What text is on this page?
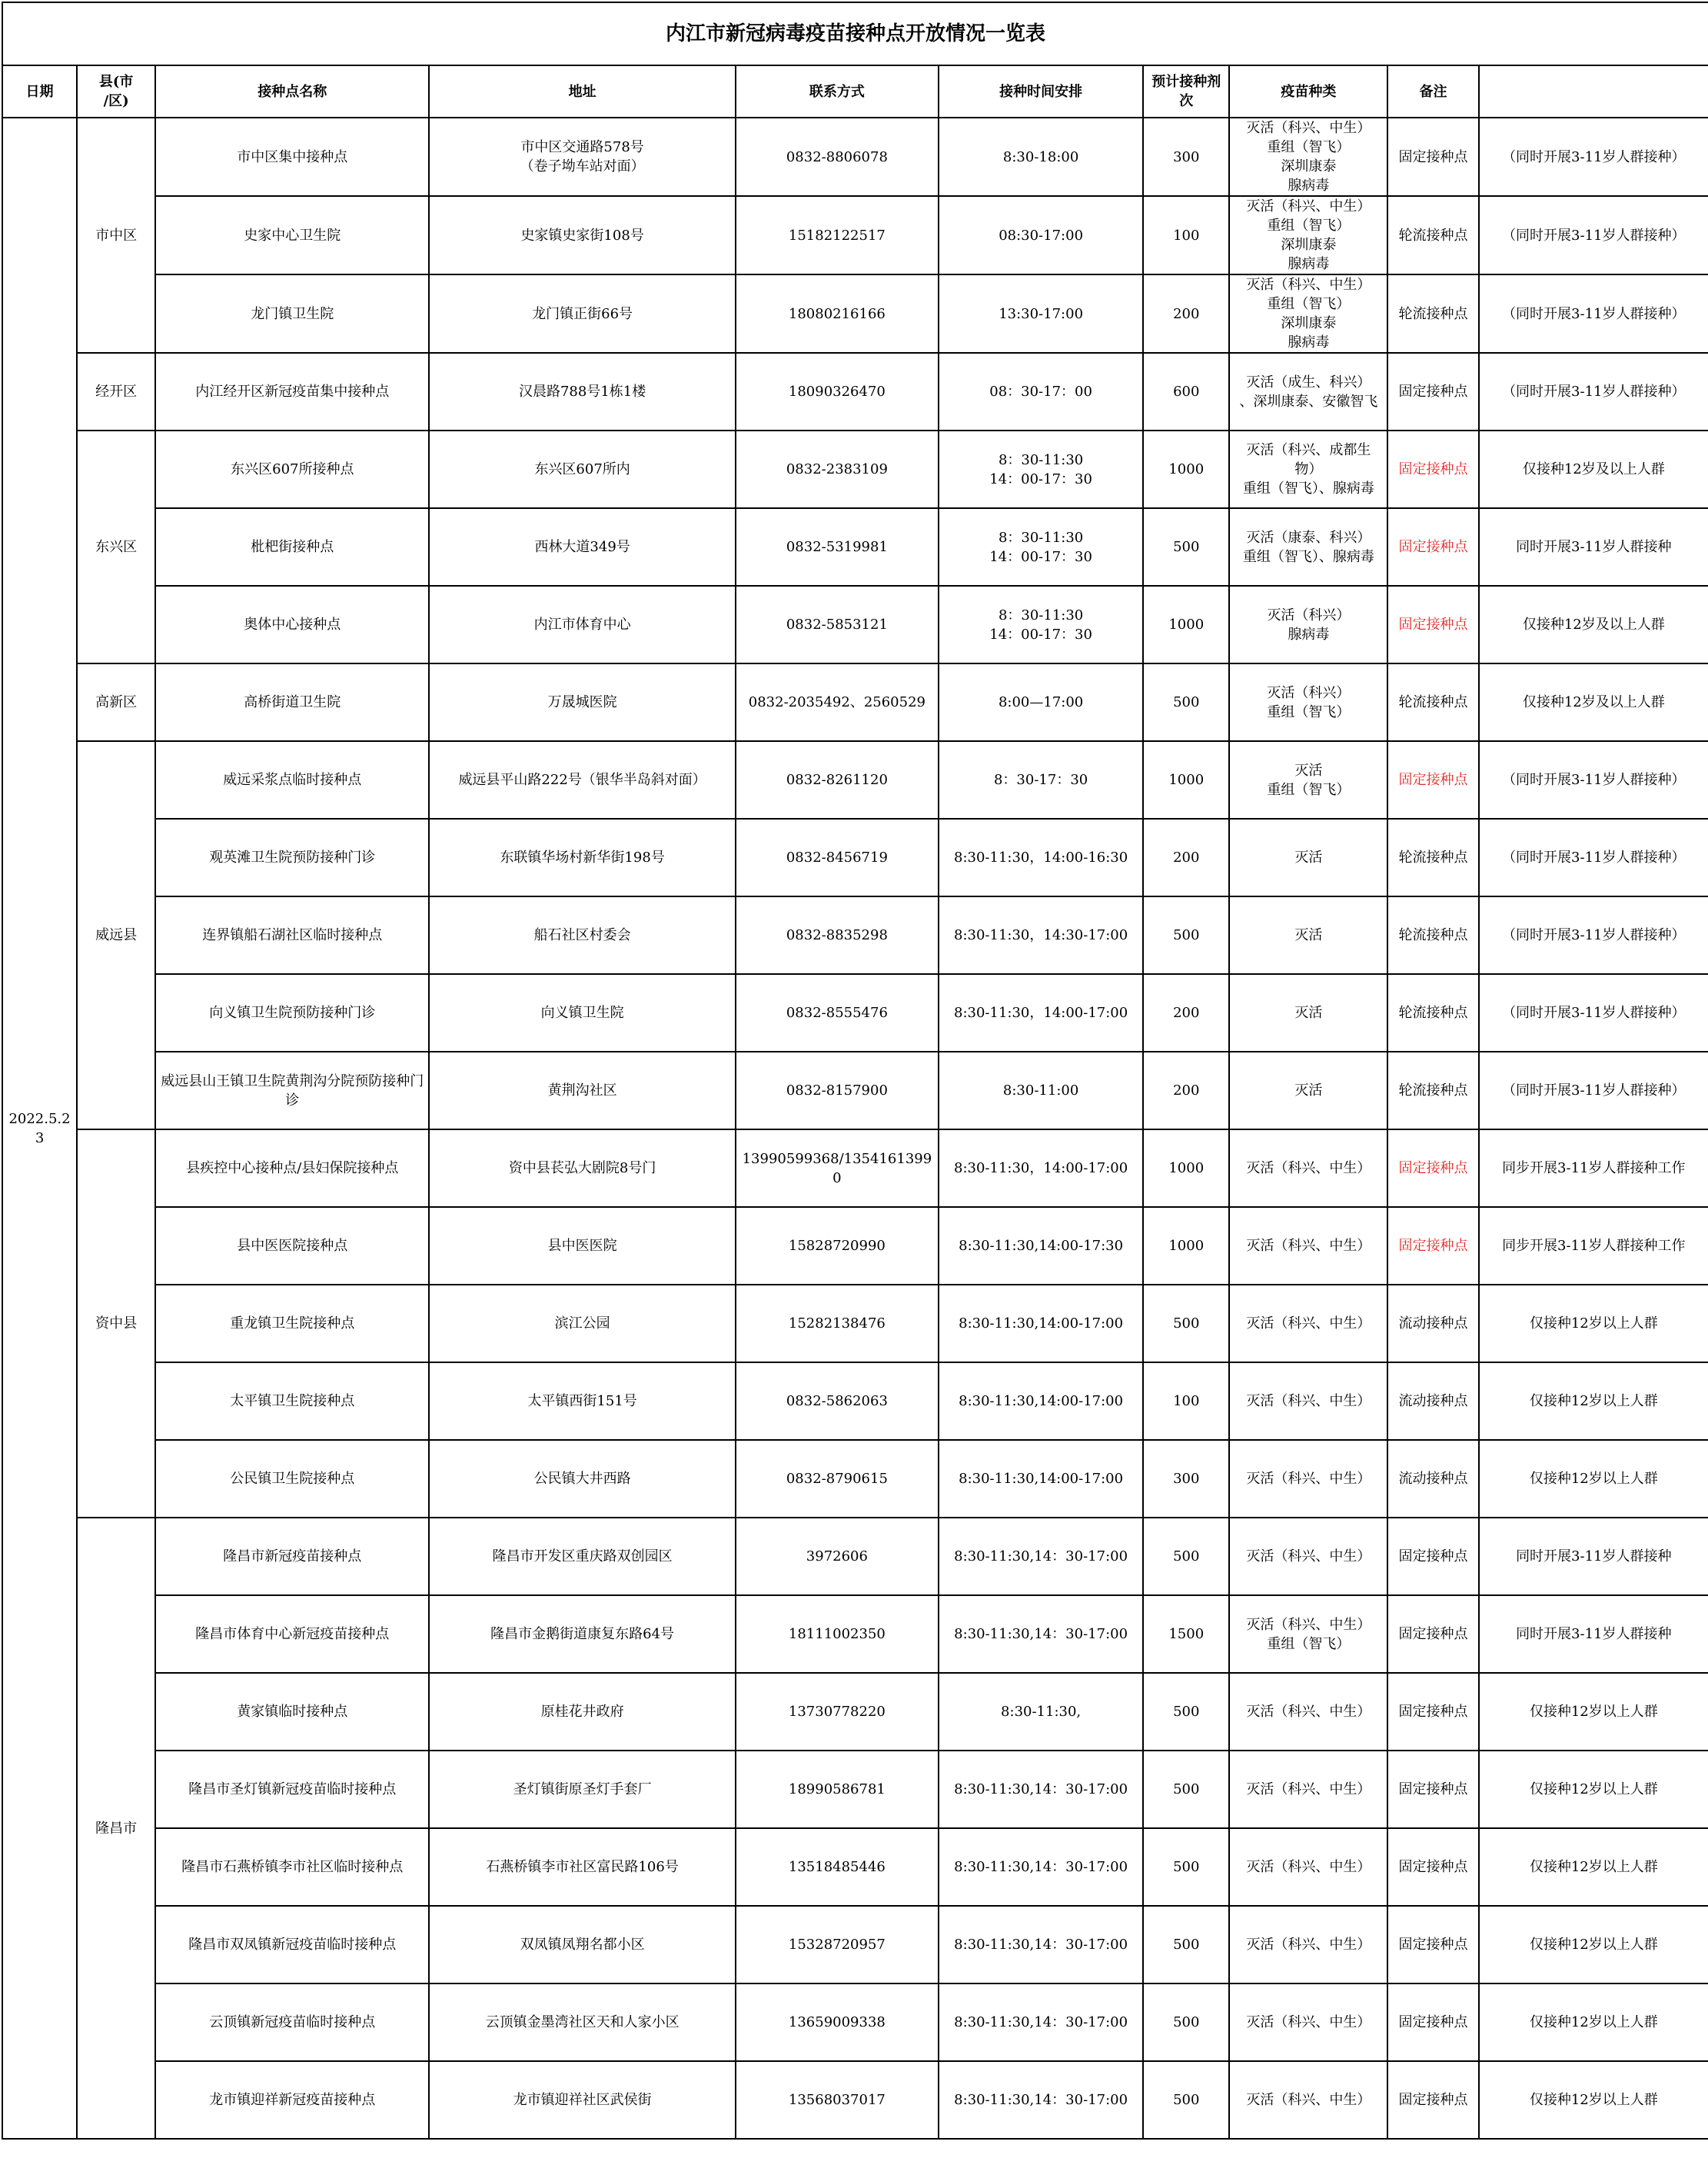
内江市新冠病毒疫苗接种点开放情况一览表									
日期	县(市
/区)	接种点名称	地址	联系方式	接种时间安排	预计接种剂
次	疫苗种类	备注	
2022.5.23	市中区	市中区集中接种点	市中区交通路578号
（卷子坳车站对面）	0832-8806078	8:30-18:00	300	灭活（科兴、中生）
重组（智飞）
深圳康泰
腺病毒	固定接种点	（同时开展3-11岁人群接种）
		史家中心卫生院	史家镇史家街108号	15182122517	08:30-17:00	100	灭活（科兴、中生）
重组（智飞）
深圳康泰
腺病毒	轮流接种点	（同时开展3-11岁人群接种）
		龙门镇卫生院	龙门镇正街66号	18080216166	13:30-17:00	200	灭活（科兴、中生）
重组（智飞）
深圳康泰
腺病毒	轮流接种点	（同时开展3-11岁人群接种）
	经开区	内江经开区新冠疫苗集中接种点	汉晨路788号1栋1楼	18090326470	08：30-17：00	600	灭活（成生、科兴）
、深圳康泰、安徽智飞	固定接种点	（同时开展3-11岁人群接种）
	东兴区	东兴区607所接种点	东兴区607所内	0832-2383109	8：30-11:30
14：00-17：30	1000	灭活（科兴、成都生
物）
重组（智飞）、腺病毒	固定接种点	仅接种12岁及以上人群
		枇杷街接种点	西林大道349号	0832-5319981	8：30-11:30
14：00-17：30	500	灭活（康泰、科兴）
重组（智飞）、腺病毒	固定接种点	同时开展3-11岁人群接种
		奥体中心接种点	内江市体育中心	0832-5853121	8：30-11:30
14：00-17：30	1000	灭活（科兴）
腺病毒	固定接种点	仅接种12岁及以上人群
	高新区	高桥街道卫生院	万晟城医院	0832-2035492、2560529	8:00—17:00	500	灭活（科兴）
重组（智飞）	轮流接种点	仅接种12岁及以上人群
	威远县	威远采浆点临时接种点	威远县平山路222号（银华半岛斜对面）	0832-8261120	8：30-17：30	1000	灭活
重组（智飞）	固定接种点	（同时开展3-11岁人群接种）
		观英滩卫生院预防接种门诊	东联镇华场村新华街198号	0832-8456719	8:30-11:30，14:00-16:30	200	灭活	轮流接种点	（同时开展3-11岁人群接种）
		连界镇船石湖社区临时接种点	船石社区村委会	0832-8835298	8:30-11:30，14:30-17:00	500	灭活	轮流接种点	（同时开展3-11岁人群接种）
		向义镇卫生院预防接种门诊	向义镇卫生院	0832-8555476	8:30-11:30，14:00-17:00	200	灭活	轮流接种点	（同时开展3-11岁人群接种）
		威远县山王镇卫生院黄荆沟分院预防接种门诊	黄荆沟社区	0832-8157900	8:30-11:00	200	灭活	轮流接种点	（同时开展3-11岁人群接种）
	资中县	县疾控中心接种点/县妇保院接种点	资中县苌弘大剧院8号门	13990599368/13541613990	8:30-11:30，14:00-17:00	1000	灭活（科兴、中生）	固定接种点	同步开展3-11岁人群接种工作
		县中医医院接种点	县中医医院	15828720990	8:30-11:30,14:00-17:30	1000	灭活（科兴、中生）	固定接种点	同步开展3-11岁人群接种工作
		重龙镇卫生院接种点	滨江公园	15282138476	8:30-11:30,14:00-17:00	500	灭活（科兴、中生）	流动接种点	仅接种12岁以上人群
		太平镇卫生院接种点	太平镇西街151号	0832-5862063	8:30-11:30,14:00-17:00	100	灭活（科兴、中生）	流动接种点	仅接种12岁以上人群
		公民镇卫生院接种点	公民镇大井西路	0832-8790615	8:30-11:30,14:00-17:00	300	灭活（科兴、中生）	流动接种点	仅接种12岁以上人群
	隆昌市	隆昌市新冠疫苗接种点	隆昌市开发区重庆路双创园区	3972606	8:30-11:30,14：30-17:00	500	灭活（科兴、中生）	固定接种点	同时开展3-11岁人群接种
		隆昌市体育中心新冠疫苗接种点	隆昌市金鹅街道康复东路64号	18111002350	8:30-11:30,14：30-17:00	1500	灭活（科兴、中生）
重组（智飞）	固定接种点	同时开展3-11岁人群接种
		黄家镇临时接种点	原桂花井政府	13730778220	8:30-11:30,	500	灭活（科兴、中生）	固定接种点	仅接种12岁以上人群
		隆昌市圣灯镇新冠疫苗临时接种点	圣灯镇街原圣灯手套厂	18990586781	8:30-11:30,14：30-17:00	500	灭活（科兴、中生）	固定接种点	仅接种12岁以上人群
		隆昌市石燕桥镇李市社区临时接种点	石燕桥镇李市社区富民路106号	13518485446	8:30-11:30,14：30-17:00	500	灭活（科兴、中生）	固定接种点	仅接种12岁以上人群
		隆昌市双凤镇新冠疫苗临时接种点	双凤镇凤翔名都小区	15328720957	8:30-11:30,14：30-17:00	500	灭活（科兴、中生）	固定接种点	仅接种12岁以上人群
		云顶镇新冠疫苗临时接种点	云顶镇金墨湾社区天和人家小区	13659009338	8:30-11:30,14：30-17:00	500	灭活（科兴、中生）	固定接种点	仅接种12岁以上人群
		龙市镇迎祥新冠疫苗接种点	龙市镇迎祥社区武侯街	13568037017	8:30-11:30,14：30-17:00	500	灭活（科兴、中生）	固定接种点	仅接种12岁以上人群
